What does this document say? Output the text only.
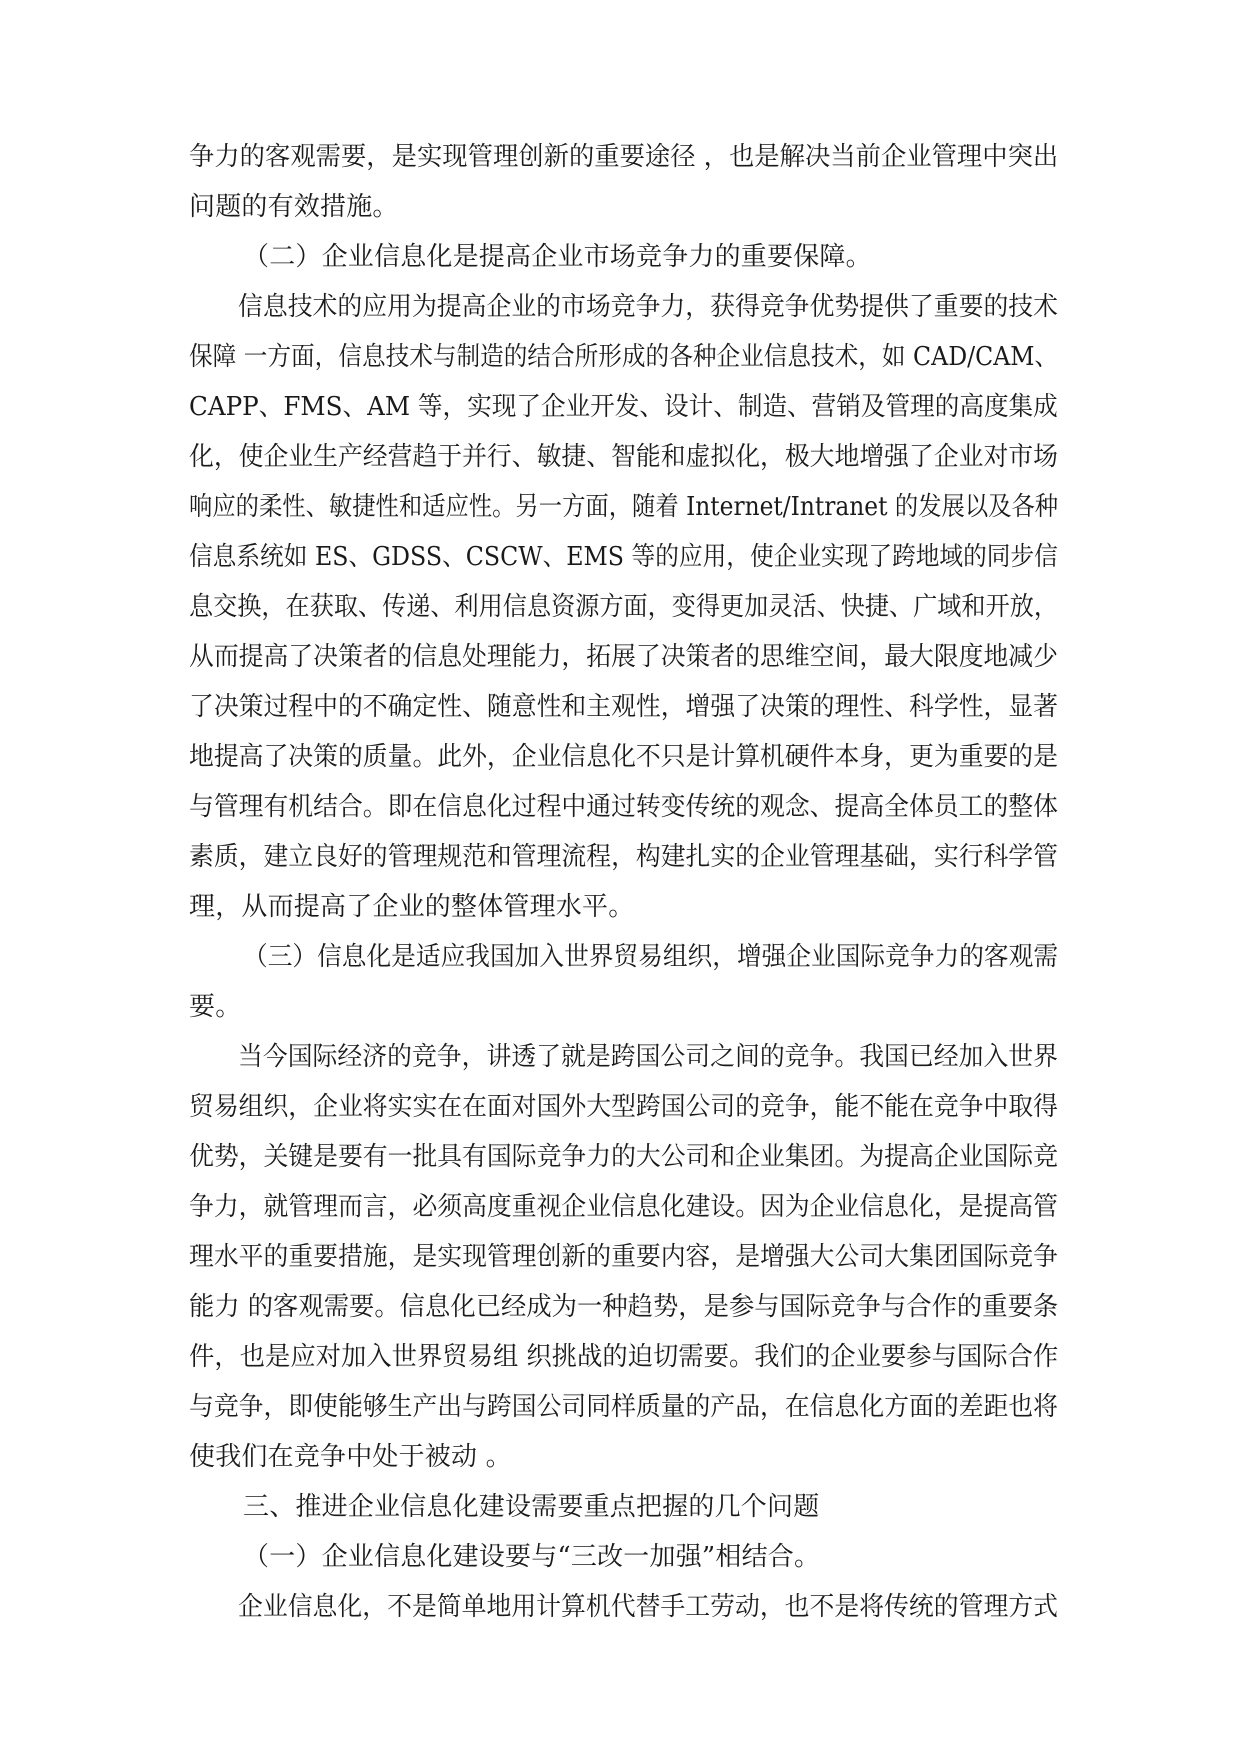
争力的客观需要，是实现管理创新的重要途径 ，也是解决当前企业管理中突出
问题的有效措施。
（二）企业信息化是提高企业市场竞争力的重要保障。
信息技术的应用为提高企业的市场竞争力，获得竞争优势提供了重要的技术
保障 一方面，信息技术与制造的结合所形成的各种企业信息技术，如 CAD/CAM、
CAPP、FMS、AM 等，实现了企业开发、设计、制造、营销及管理的高度集成
化，使企业生产经营趋于并行、敏捷、智能和虚拟化，极大地增强了企业对市场
响应的柔性、敏捷性和适应性。另一方面，随着 Internet/Intranet 的发展以及各种
信息系统如 ES、GDSS、CSCW、EMS 等的应用，使企业实现了跨地域的同步信
息交换，在获取、传递、利用信息资源方面，变得更加灵活、快捷、广域和开放，
从而提高了决策者的信息处理能力，拓展了决策者的思维空间，最大限度地减少
了决策过程中的不确定性、随意性和主观性，增强了决策的理性、科学性，显著
地提高了决策的质量。此外，企业信息化不只是计算机硬件本身，更为重要的是
与管理有机结合。即在信息化过程中通过转变传统的观念、提高全体员工的整体
素质，建立良好的管理规范和管理流程，构建扎实的企业管理基础，实行科学管
理，从而提高了企业的整体管理水平。
（三）信息化是适应我国加入世界贸易组织，增强企业国际竞争力的客观需
要。
当今国际经济的竞争，讲透了就是跨国公司之间的竞争。我国已经加入世界
贸易组织，企业将实实在在面对国外大型跨国公司的竞争，能不能在竞争中取得
优势，关键是要有一批具有国际竞争力的大公司和企业集团。为提高企业国际竞
争力，就管理而言，必须高度重视企业信息化建设。因为企业信息化，是提高管
理水平的重要措施，是实现管理创新的重要内容，是增强大公司大集团国际竞争
能力 的客观需要。信息化已经成为一种趋势，是参与国际竞争与合作的重要条
件，也是应对加入世界贸易组 织挑战的迫切需要。我们的企业要参与国际合作
与竞争，即使能够生产出与跨国公司同样质量的产品，在信息化方面的差距也将
使我们在竞争中处于被动 。
三、推进企业信息化建设需要重点把握的几个问题
（一）企业信息化建设要与“三改一加强”相结合。
企业信息化，不是简单地用计算机代替手工劳动，也不是将传统的管理方式
